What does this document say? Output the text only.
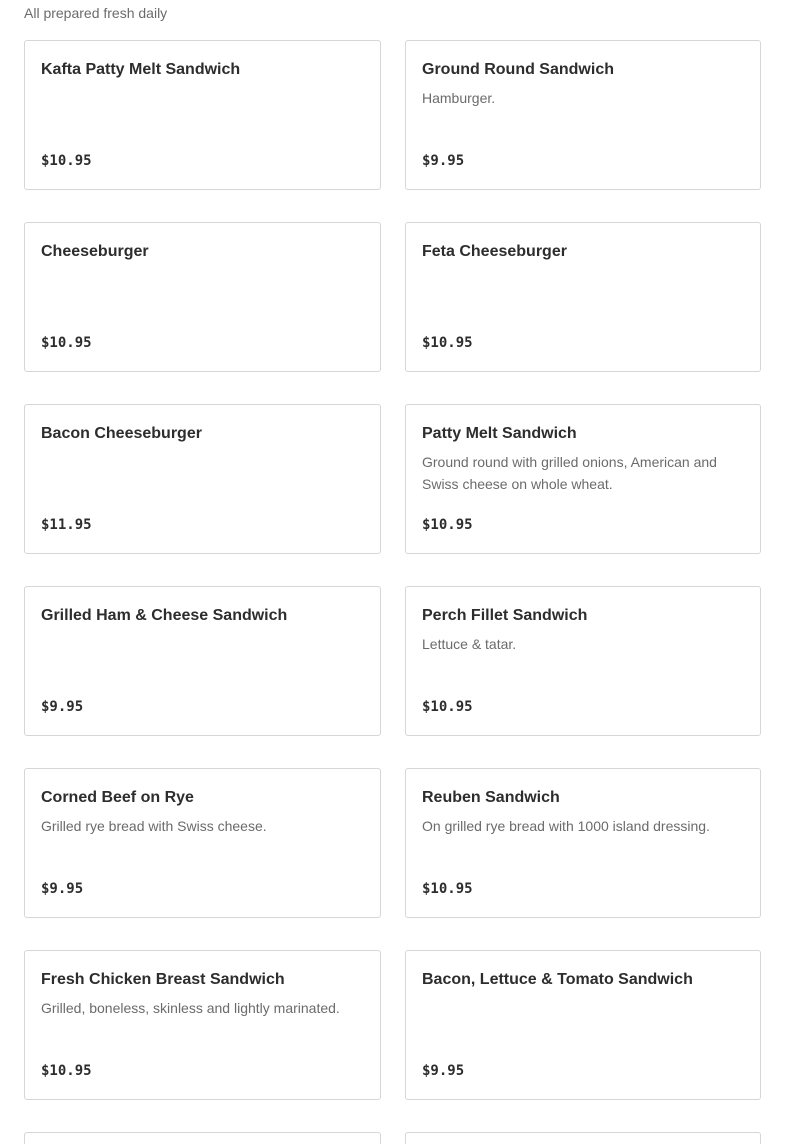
All prepared fresh daily
Kafta Patty Melt Sandwich
$10.95
Ground Round Sandwich
Hamburger.
$9.95
Cheeseburger
$10.95
Feta Cheeseburger
$10.95
Bacon Cheeseburger
$11.95
Patty Melt Sandwich
Ground round with grilled onions, American and Swiss cheese on whole wheat.
$10.95
Grilled Ham & Cheese Sandwich
$9.95
Perch Fillet Sandwich
Lettuce & tatar.
$10.95
Corned Beef on Rye
Grilled rye bread with Swiss cheese.
$9.95
Reuben Sandwich
On grilled rye bread with 1000 island dressing.
$10.95
Fresh Chicken Breast Sandwich
Grilled, boneless, skinless and lightly marinated.
$10.95
Bacon, Lettuce & Tomato Sandwich
$9.95
